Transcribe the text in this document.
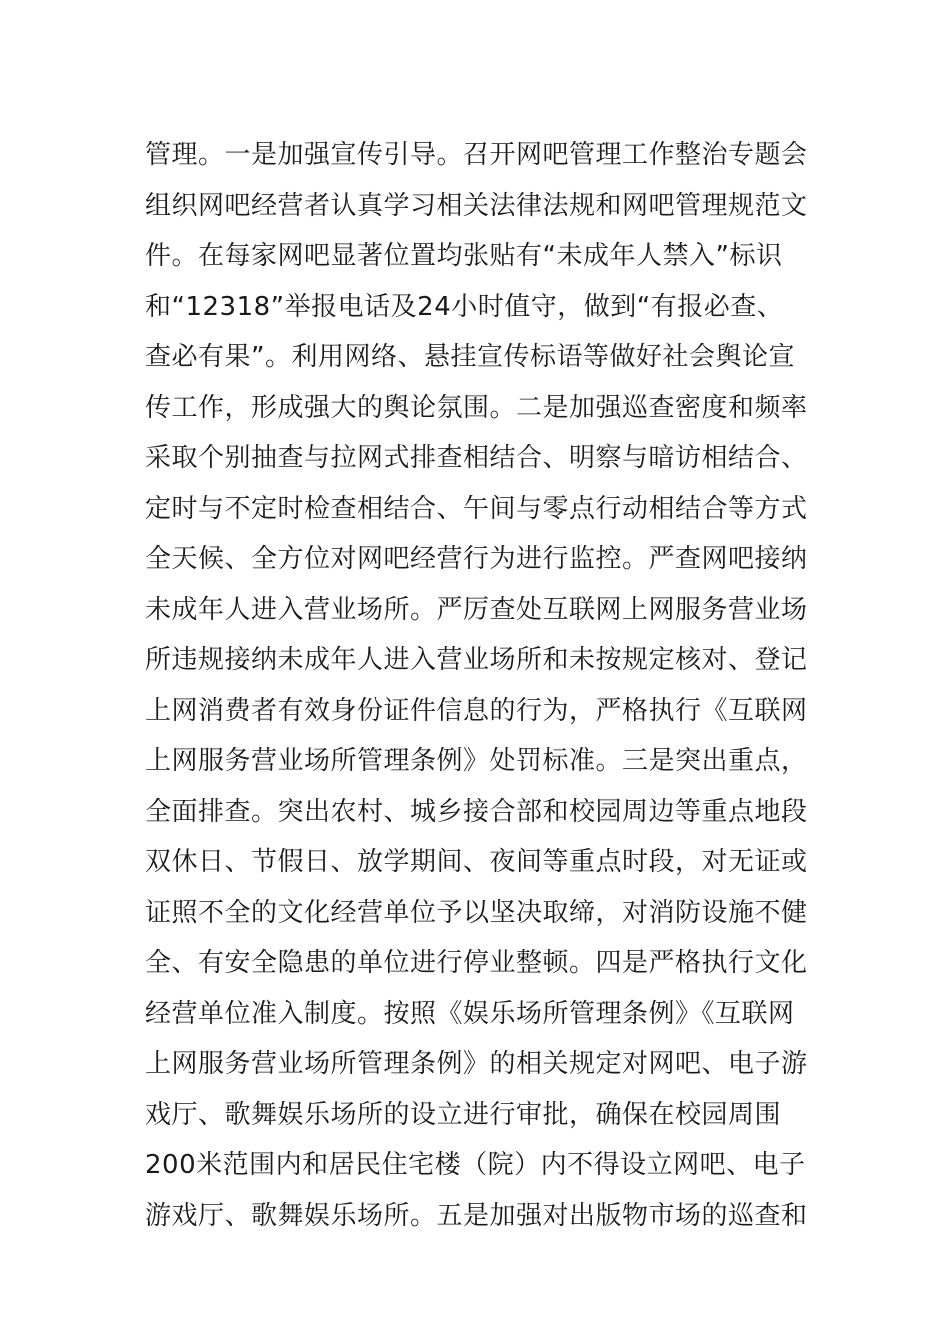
管理。一是加强宣传引导。召开网吧管理工作整治专题会
组织网吧经营者认真学习相关法律法规和网吧管理规范文
件。在每家网吧显著位置均张贴有“未成年人禁入”标识
和“12318”举报电话及24小时值守，做到“有报必查、
查必有果”。利用网络、悬挂宣传标语等做好社会舆论宣
传工作，形成强大的舆论氛围。二是加强巡查密度和频率
采取个别抽查与拉网式排查相结合、明察与暗访相结合、
定时与不定时检查相结合、午间与零点行动相结合等方式
全天候、全方位对网吧经营行为进行监控。严查网吧接纳
未成年人进入营业场所。严厉查处互联网上网服务营业场
所违规接纳未成年人进入营业场所和未按规定核对、登记
上网消费者有效身份证件信息的行为，严格执行《互联网
上网服务营业场所管理条例》处罚标准。三是突出重点，
全面排查。突出农村、城乡接合部和校园周边等重点地段
双休日、节假日、放学期间、夜间等重点时段，对无证或
证照不全的文化经营单位予以坚决取缔，对消防设施不健
全、有安全隐患的单位进行停业整顿。四是严格执行文化
经营单位准入制度。按照《娱乐场所管理条例》《互联网
上网服务营业场所管理条例》的相关规定对网吧、电子游
戏厅、歌舞娱乐场所的设立进行审批，确保在校园周围
200米范围内和居民住宅楼（院）内不得设立网吧、电子
游戏厅、歌舞娱乐场所。五是加强对出版物市场的巡查和
